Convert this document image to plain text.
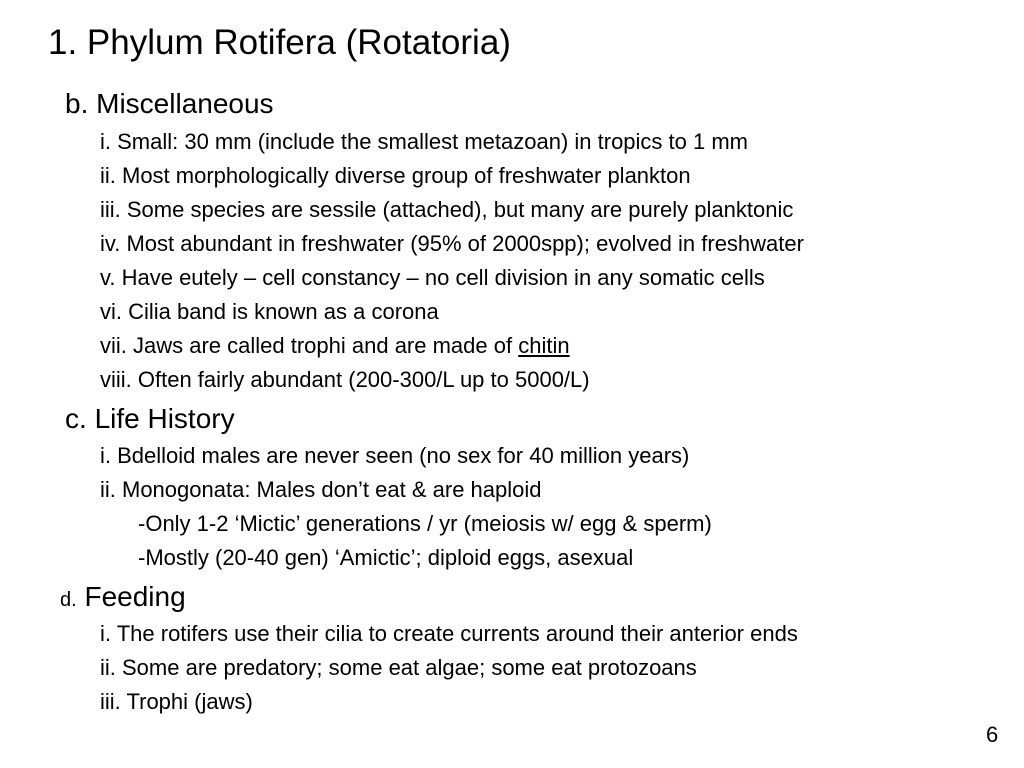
1. Phylum Rotifera (Rotatoria)
b. Miscellaneous
i. Small: 30 mm (include the smallest metazoan) in tropics to 1 mm
ii. Most morphologically diverse group of freshwater plankton
iii. Some species are sessile (attached), but many are purely planktonic
iv. Most abundant in freshwater (95% of 2000spp); evolved in freshwater
v. Have eutely – cell constancy – no cell division in any somatic cells
vi. Cilia band is known as a corona
vii. Jaws are called trophi and are made of chitin
viii. Often fairly abundant (200-300/L up to 5000/L)
c. Life History
i. Bdelloid males are never seen (no sex for 40 million years)
ii. Monogonata: Males don’t eat & are haploid
-Only 1-2 ‘Mictic’ generations / yr (meiosis w/ egg & sperm)
-Mostly (20-40 gen) ‘Amictic’; diploid eggs, asexual
d. Feeding
i. The rotifers use their cilia to create currents around their anterior ends
ii. Some are predatory; some eat algae; some eat protozoans
iii. Trophi (jaws)
6
